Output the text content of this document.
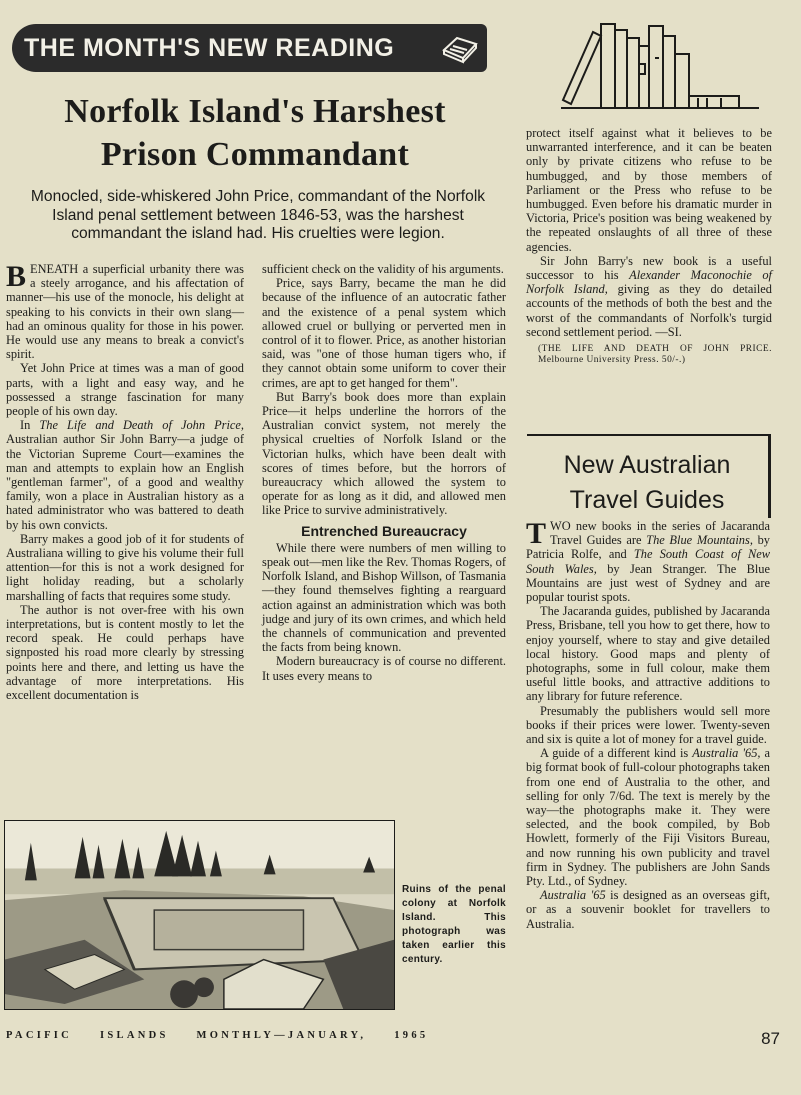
THE MONTH'S NEW READING
Norfolk Island's Harshest
Prison Commandant
Monocled, side-whiskered John Price, commandant of the Norfolk Island penal settlement between 1846-53, was the harshest commandant the island had. His cruelties were legion.

BENEATH a superficial urbanity there was a steely arrogance, and his affectation of manner—his use of the monocle, his delight at speaking to his convicts in their own slang—had an ominous quality for those in his power. He would use any means to break a convict's spirit.

Yet John Price at times was a man of good parts, with a light and easy way, and he possessed a strange fascination for many people of his own day.

In The Life and Death of John Price, Australian author Sir John Barry—a judge of the Victorian Supreme Court—examines the man and attempts to explain how an English "gentleman farmer", of a good and wealthy family, won a place in Australian history as a hated administrator who was battered to death by his own convicts.

Barry makes a good job of it for students of Australiana willing to give his volume their full attention—for this is not a work designed for light holiday reading, but a scholarly marshalling of facts that requires some study.

The author is not over-free with his own interpretations, but is content mostly to let the record speak. He could perhaps have signposted his road more clearly by stressing points here and there, and letting us have the advantage of more interpretations. His excellent documentation is

sufficient check on the validity of his arguments.

Price, says Barry, became the man he did because of the influence of an autocratic father and the existence of a penal system which allowed cruel or bullying or perverted men in control of it to flower. Price, as another historian said, was "one of those human tigers who, if they cannot obtain some uniform to cover their crimes, are apt to get hanged for them".

But Barry's book does more than explain Price—it helps underline the horrors of the Australian convict system, not merely the physical cruelties of Norfolk Island or the Victorian hulks, which have been dealt with scores of times before, but the horrors of bureaucracy which allowed the system to operate for as long as it did, and allowed men like Price to survive administratively.

Entrenched Bureaucracy

While there were numbers of men willing to speak out—men like the Rev. Thomas Rogers, of Norfolk Island, and Bishop Willson, of Tasmania—they found themselves fighting a rearguard action against an administration which was both judge and jury of its own crimes, and which held the channels of communication and prevented the facts from being known.

Modern bureaucracy is of course no different. It uses every means to

protect itself against what it believes to be unwarranted interference, and it can be beaten only by private citizens who refuse to be humbugged, and by those members of Parliament or the Press who refuse to be humbugged. Even before his dramatic murder in Victoria, Price's position was being weakened by the repeated onslaughts of all three of these agencies.

Sir John Barry's new book is a useful successor to his Alexander Maconochie of Norfolk Island, giving as they do detailed accounts of the methods of both the best and the worst of the commandants of Norfolk's turgid second settlement period. —SI.

(THE LIFE AND DEATH OF JOHN PRICE. Melbourne University Press. 50/-.)

New Australian
Travel Guides

TWO new books in the series of Jacaranda Travel Guides are The Blue Mountains, by Patricia Rolfe, and The South Coast of New South Wales, by Jean Stranger. The Blue Mountains are just west of Sydney and are popular tourist spots.

The Jacaranda guides, published by Jacaranda Press, Brisbane, tell you how to get there, how to enjoy yourself, where to stay and give detailed local history. Good maps and plenty of photographs, some in full colour, make them useful little books, and attractive additions to any library for future reference.

Presumably the publishers would sell more books if their prices were lower. Twenty-seven and six is quite a lot of money for a travel guide.

A guide of a different kind is Australia '65, a big format book of full-colour photographs taken from one end of Australia to the other, and selling for only 7/6d. The text is merely by the way—the photographs make it. They were selected, and the book compiled, by Bob Howlett, formerly of the Fiji Visitors Bureau, and now running his own publicity and travel firm in Sydney. The publishers are John Sands Pty. Ltd., of Sydney.

Australia '65 is designed as an overseas gift, or as a souvenir booklet for travellers to Australia.

Ruins of the penal colony at Norfolk Island. This photograph was taken earlier this century.
PACIFIC ISLANDS MONTHLY—JANUARY, 1965	87
